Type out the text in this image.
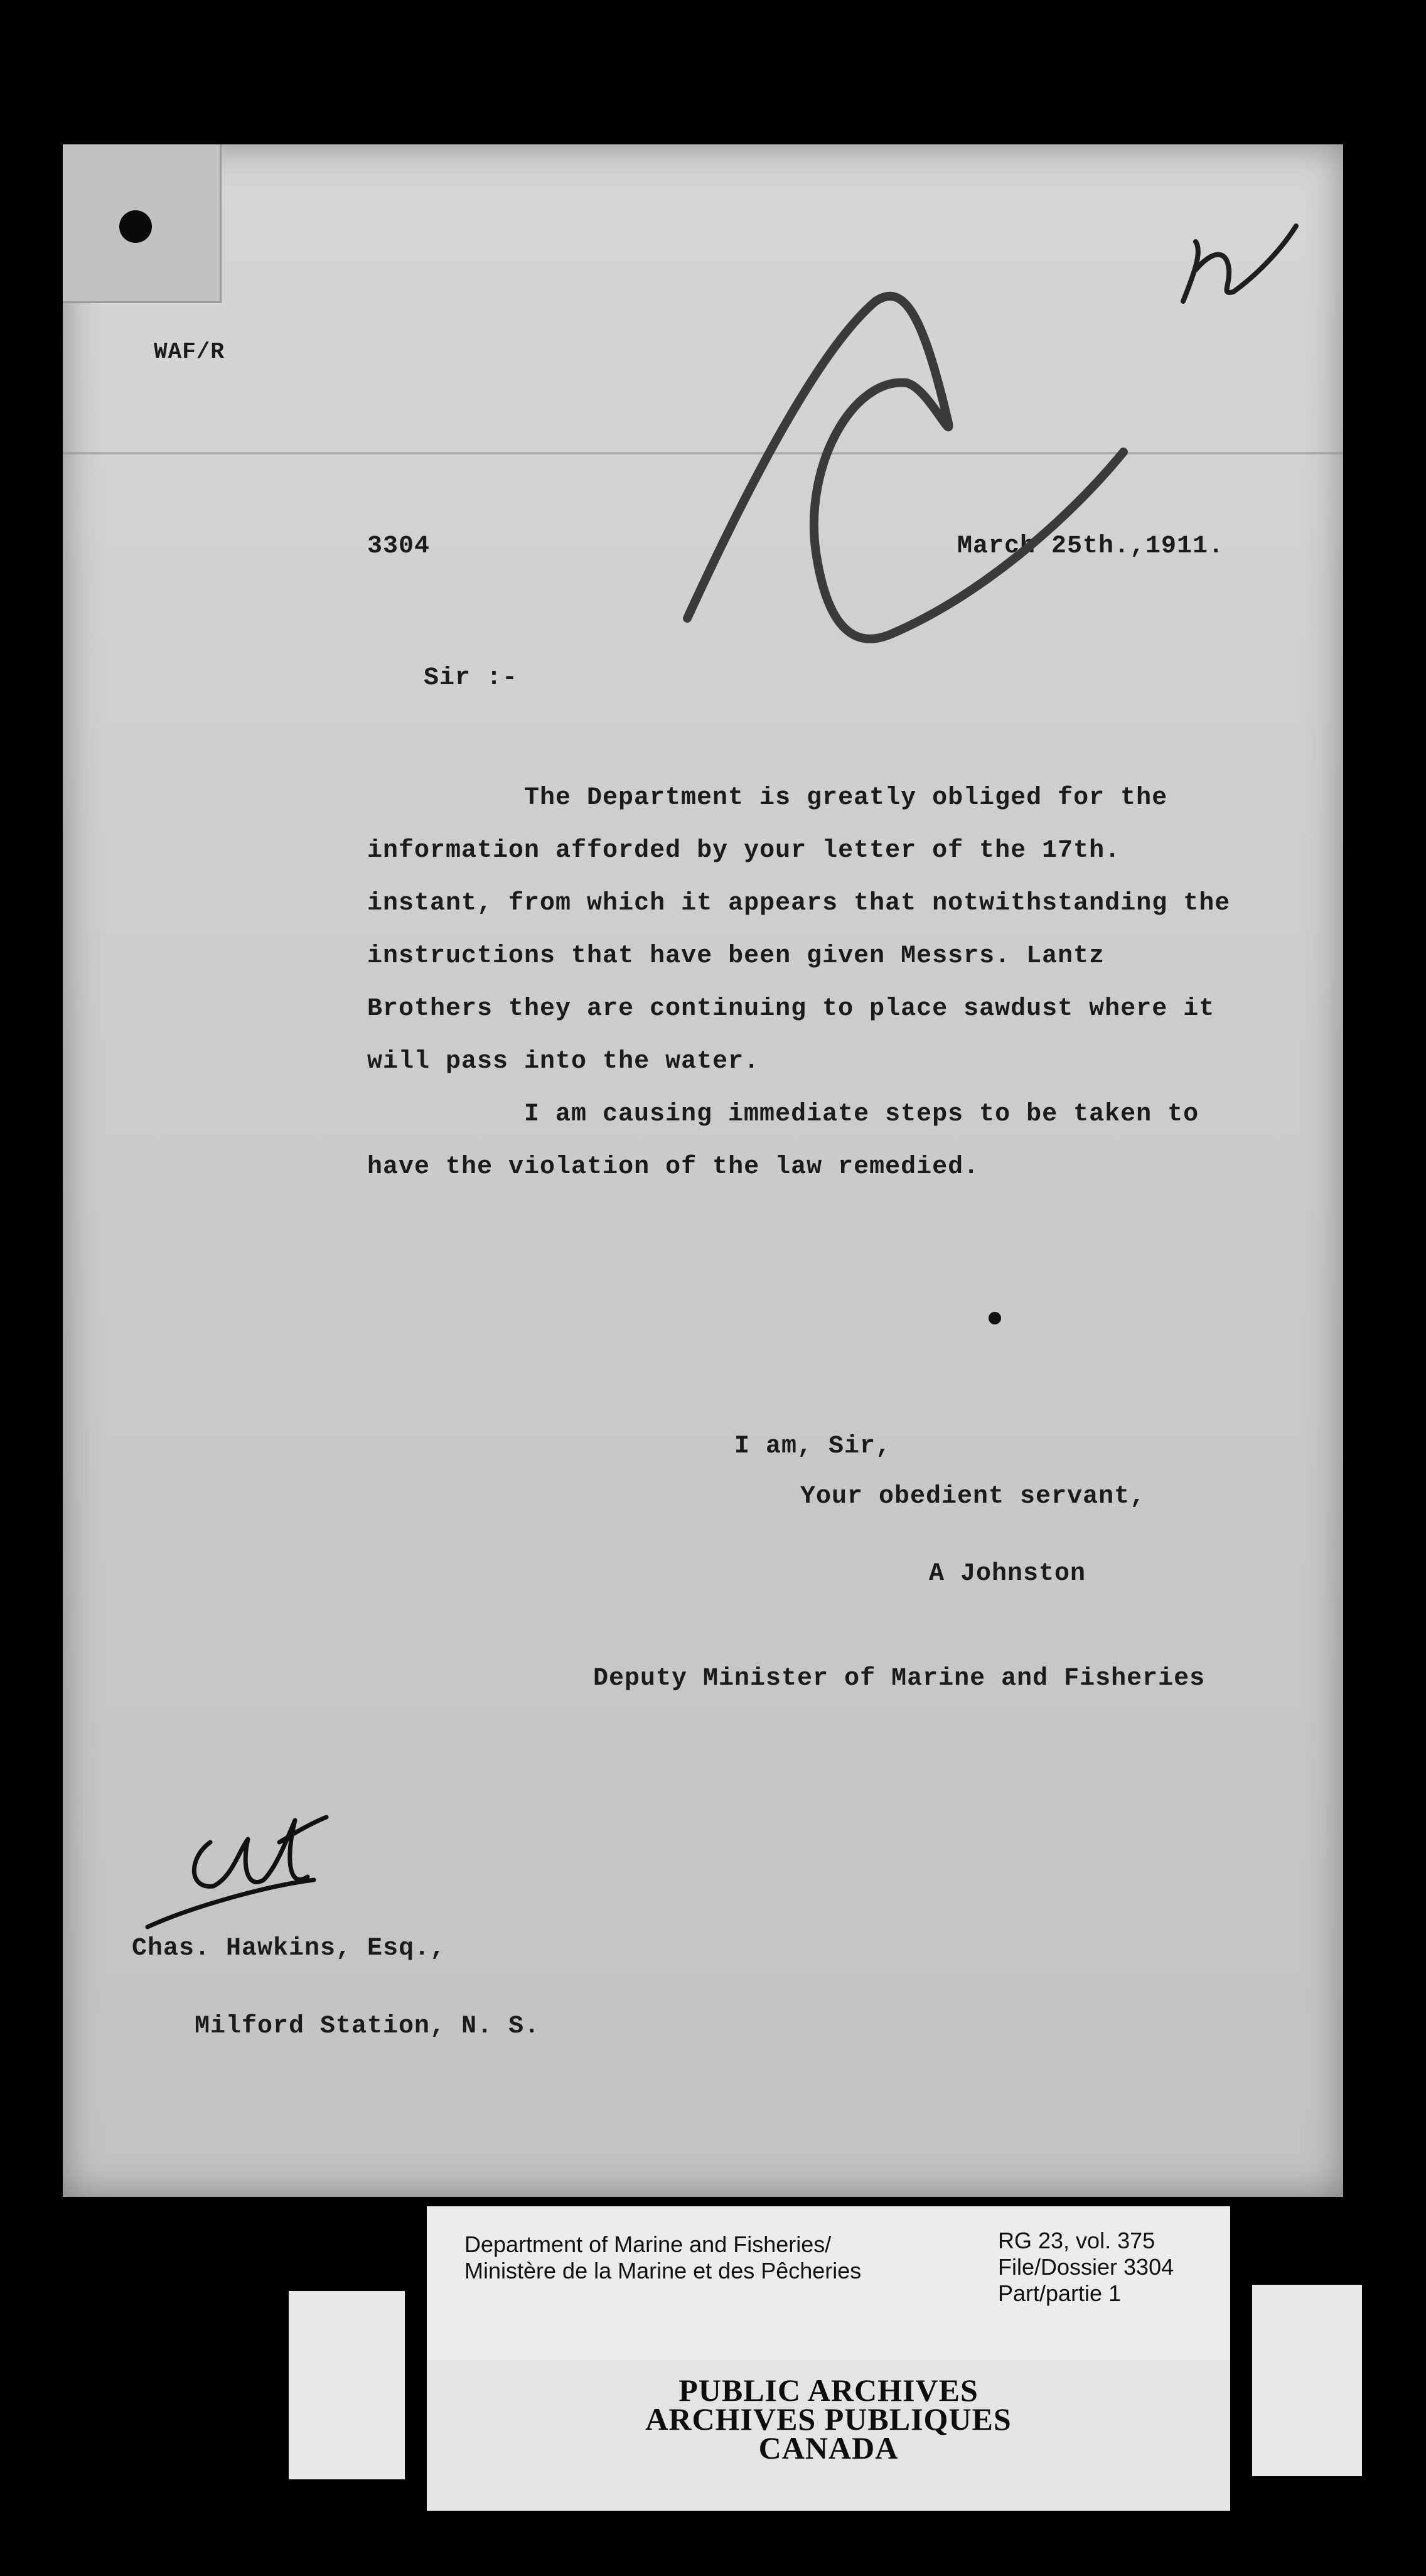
WAF/R
3304	March 25th.,1911.
Sir :-

The Department is greatly obliged for the information afforded by your letter of the 17th. instant, from which it appears that notwithstanding the instructions that have been given Messrs. Lantz Brothers they are continuing to place sawdust where it will pass into the water.

I am causing immediate steps to be taken to have the violation of the law remedied.

I am, Sir,
Your obedient servant,
A Johnston
Deputy Minister of Marine and Fisheries
Chas. Hawkins, Esq.,
Milford Station, N. S.
Department of Marine and Fisheries/
Ministère de la Marine et des Pêcheries
RG 23, vol. 375
File/Dossier 3304
Part/partie 1
PUBLIC ARCHIVES
ARCHIVES PUBLIQUES
CANADA
